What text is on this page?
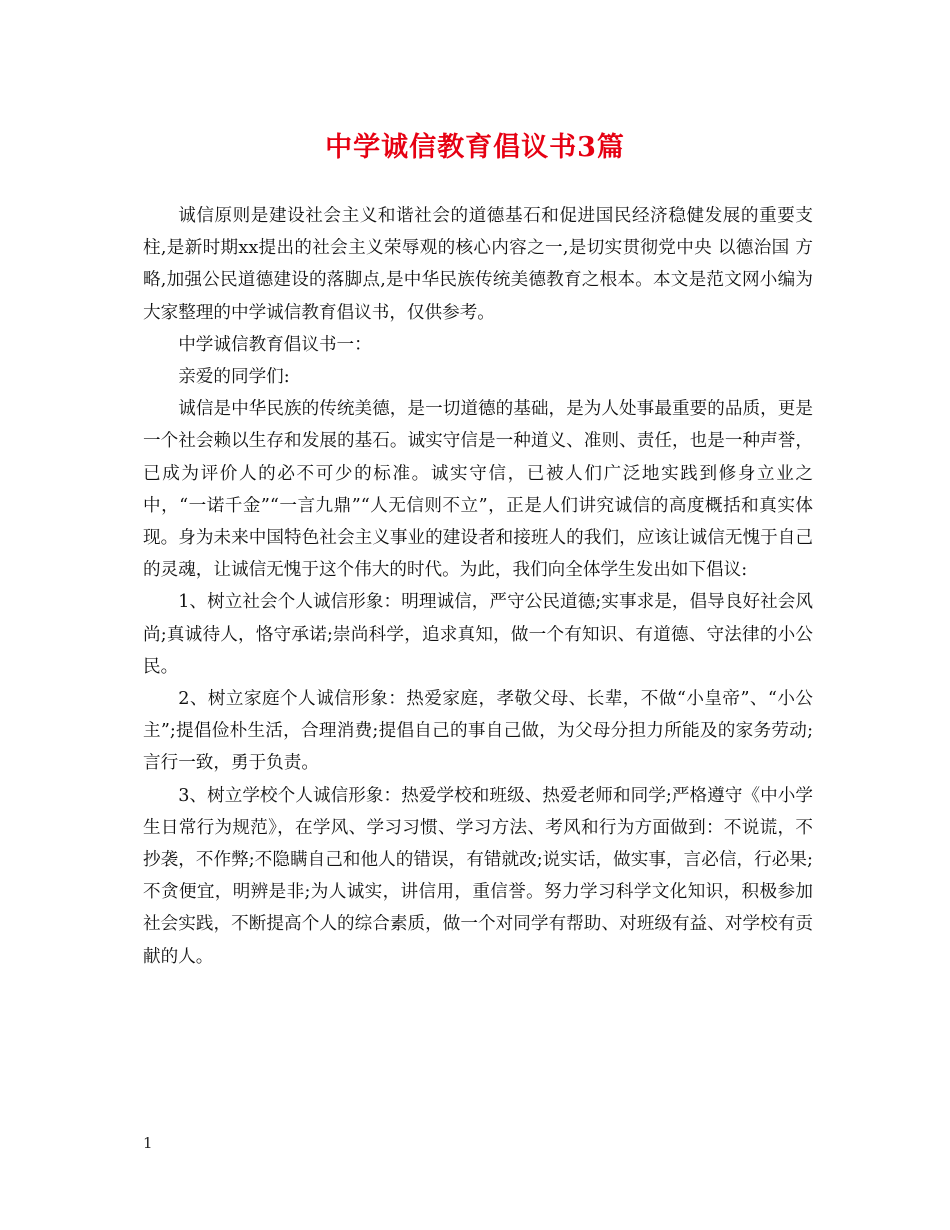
中学诚信教育倡议书3篇

诚信原则是建设社会主义和谐社会的道德基石和促进国民经济稳健发展的重要支柱,是新时期xx提出的社会主义荣辱观的核心内容之一,是切实贯彻党中央 以德治国 方略,加强公民道德建设的落脚点,是中华民族传统美德教育之根本。本文是范文网小编为大家整理的中学诚信教育倡议书，仅供参考。

中学诚信教育倡议书一：

亲爱的同学们:

诚信是中华民族的传统美德，是一切道德的基础，是为人处事最重要的品质，更是一个社会赖以生存和发展的基石。诚实守信是一种道义、准则、责任，也是一种声誉，已成为评价人的必不可少的标准。诚实守信，已被人们广泛地实践到修身立业之中，“一诺千金”“一言九鼎”“人无信则不立”，正是人们讲究诚信的高度概括和真实体现。身为未来中国特色社会主义事业的建设者和接班人的我们，应该让诚信无愧于自己的灵魂，让诚信无愧于这个伟大的时代。为此，我们向全体学生发出如下倡议:

1、树立社会个人诚信形象：明理诚信，严守公民道德;实事求是，倡导良好社会风尚;真诚待人，恪守承诺;崇尚科学，追求真知，做一个有知识、有道德、守法律的小公民。

2、树立家庭个人诚信形象：热爱家庭，孝敬父母、长辈，不做“小皇帝”、“小公主”;提倡俭朴生活，合理消费;提倡自己的事自己做，为父母分担力所能及的家务劳动;言行一致，勇于负责。

3、树立学校个人诚信形象：热爱学校和班级、热爱老师和同学;严格遵守《中小学生日常行为规范》，在学风、学习习惯、学习方法、考风和行为方面做到：不说谎，不抄袭，不作弊;不隐瞒自己和他人的错误，有错就改;说实话，做实事，言必信，行必果;不贪便宜，明辨是非;为人诚实，讲信用，重信誉。努力学习科学文化知识，积极参加社会实践，不断提高个人的综合素质，做一个对同学有帮助、对班级有益、对学校有贡献的人。

1
